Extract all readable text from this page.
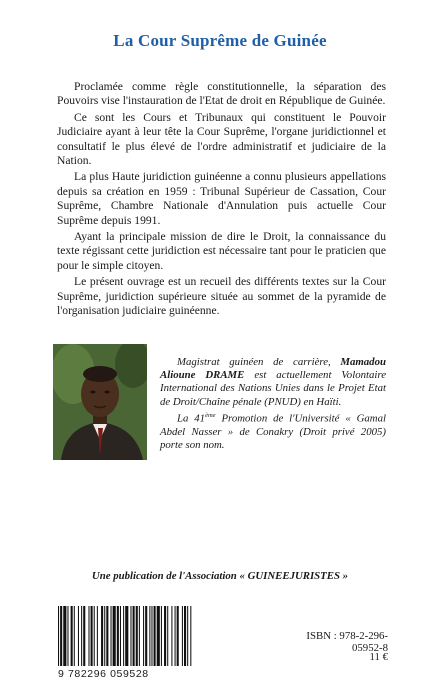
La Cour Suprême de Guinée

Proclamée comme règle constitutionnelle, la séparation des Pouvoirs vise l'instauration de l'Etat de droit en République de Guinée.

Ce sont les Cours et Tribunaux qui constituent le Pouvoir Judiciaire ayant à leur tête la Cour Suprême, l'organe juridictionnel et consultatif le plus élevé de l'ordre administratif et judiciaire de la Nation.

La plus Haute juridiction guinéenne a connu plusieurs appellations depuis sa création en 1959 : Tribunal Supérieur de Cassation, Cour Suprême, Chambre Nationale d'Annulation puis actuelle Cour Suprême depuis 1991.

Ayant la principale mission de dire le Droit, la connaissance du texte régissant cette juridiction est nécessaire tant pour le praticien que pour le simple citoyen.

Le présent ouvrage est un recueil des différents textes sur la Cour Suprême, juridiction supérieure située au sommet de la pyramide de l'organisation judiciaire guinéenne.

Magistrat guinéen de carrière, Mamadou Alioune DRAME est actuellement Volontaire International des Nations Unies dans le Projet Etat de Droit/Chaîne pénale (PNUD) en Haïti.

La 41ème Promotion de l'Université « Gamal Abdel Nasser » de Conakry (Droit privé 2005) porte son nom.

Une publication de l'Association « GUINEEJURISTES »
9 782296 059528
ISBN : 978-2-296-05952-8
11 €
